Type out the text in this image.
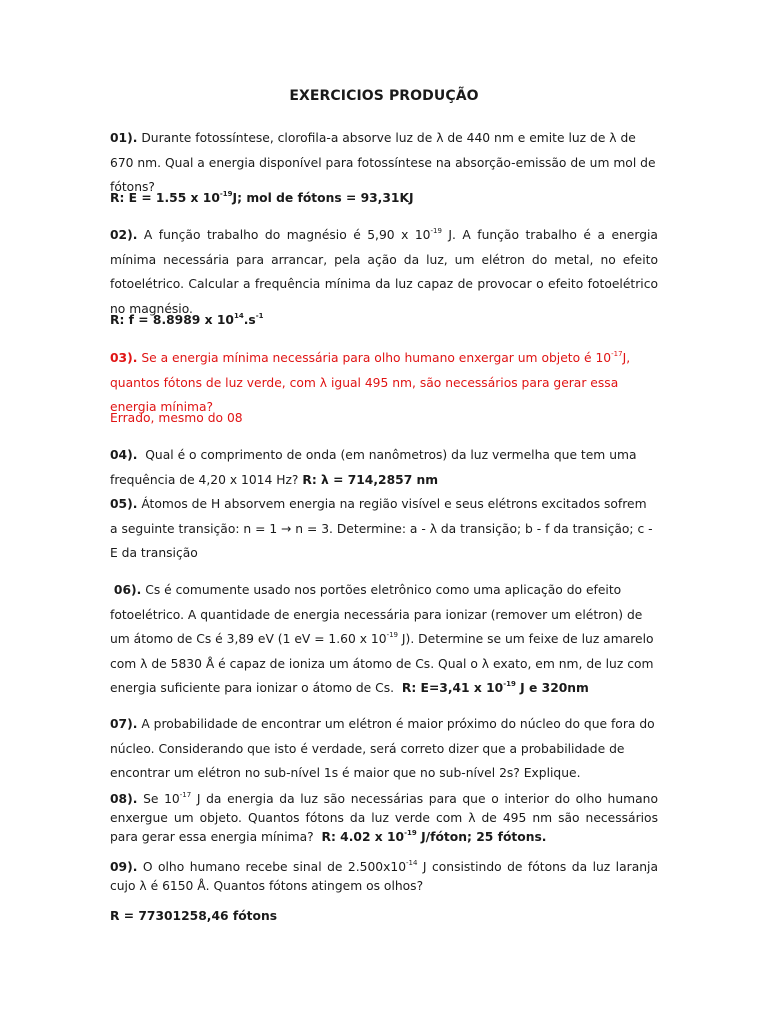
EXERCICIOS PRODUÇÃO
01). Durante fotossíntese, clorofila-a absorve luz de λ de 440 nm e emite luz de λ de 670 nm. Qual a energia disponível para fotossíntese na absorção-emissão de um mol de fótons?
R: E = 1.55 x $10^{-19}J$; mol de fótons = 93,31KJ
02). A função trabalho do magnésio é 5,90 x $10^{-19}$ J. A função trabalho é a energia mínima necessária para arrancar, pela ação da luz, um elétron do metal, no efeito fotoelétrico. Calcular a frequência mínima da luz capaz de provocar o efeito fotoelétrico no magnésio.
R: f = 8.8989 x $10^{14}.s^{-1}$
03). Se a energia mínima necessária para olho humano enxergar um objeto é $10^{-17}J$, quantos fótons de luz verde, com λ igual 495 nm, são necessários para gerar essa energia mínima?
Errado, mesmo do 08
04). Qual é o comprimento de onda (em nanômetros) da luz vermelha que tem uma frequência de 4,20 x 1014 Hz? R: λ = 714,2857 nm
05). Átomos de H absorvem energia na região visível e seus elétrons excitados sofrem a seguinte transição: n = 1 → n = 3. Determine: a - λ da transição; b - f da transição; c - E da transição
06). Cs é comumente usado nos portões eletrônico como uma aplicação do efeito fotoelétrico. A quantidade de energia necessária para ionizar (remover um elétron) de um átomo de Cs é 3,89 eV (1 eV = 1.60 x $10^{-19}$ J). Determine se um feixe de luz amarelo com λ de 5830 Å é capaz de ioniza um átomo de Cs. Qual o λ exato, em nm, de luz com energia suficiente para ionizar o átomo de Cs. R: E=3,41 x $10^{-19}$ J e 320nm
07). A probabilidade de encontrar um elétron é maior próximo do núcleo do que fora do núcleo. Considerando que isto é verdade, será correto dizer que a probabilidade de encontrar um elétron no sub-nível 1s é maior que no sub-nível 2s? Explique.
08). Se $10^{-17}$ J da energia da luz são necessárias para que o interior do olho humano enxergue um objeto. Quantos fótons da luz verde com λ de 495 nm são necessários para gerar essa energia mínima? R: 4.02 x $10^{-19}$ J/fóton; 25 fótons.
09). O olho humano recebe sinal de $2.500x10^{-14}$ J consistindo de fótons da luz laranja cujo λ é 6150 Å. Quantos fótons atingem os olhos?
R = 77301258,46 fótons
